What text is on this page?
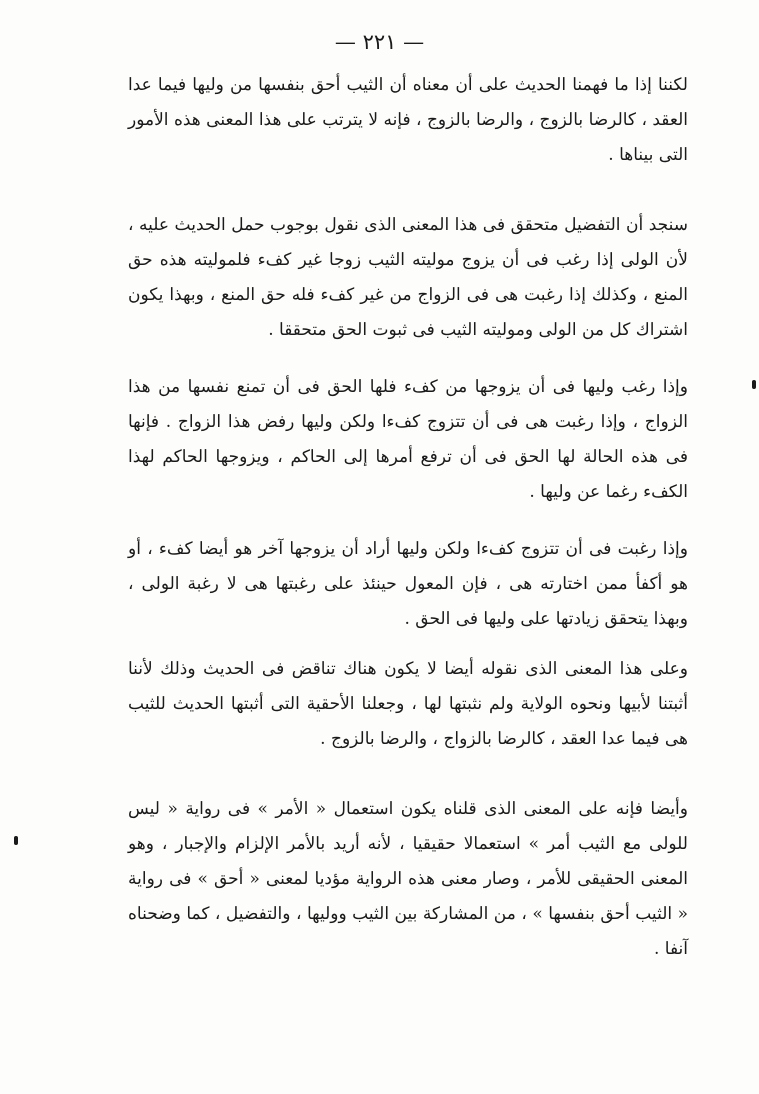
— ٢٢١ —
لكننا إذا ما فهمنا الحديث على أن معناه أن الثيب أحق بنفسها من وليها فيما عدا العقد ، كالرضا بالزوج ، والرضا بالزوج ، فإنه لا يترتب على هذا المعنى هذه الأمور التى بيناها .
سنجد أن التفضيل متحقق فى هذا المعنى الذى نقول بوجوب حمل الحديث عليه ، لأن الولى إذا رغب فى أن يزوج موليته الثيب زوجا غير كفء فلموليته هذه حق المنع ، وكذلك إذا رغبت هى فى الزواج من غير كفء فله حق المنع ، وبهذا يكون اشتراك كل من الولى وموليته الثيب فى ثبوت الحق متحققا .
وإذا رغب وليها فى أن يزوجها من كفء فلها الحق فى أن تمنع نفسها من هذا الزواج ، وإذا رغبت هى فى أن تتزوج كفءا ولكن وليها رفض هذا الزواج . فإنها فى هذه الحالة لها الحق فى أن ترفع أمرها إلى الحاكم ، ويزوجها الحاكم لهذا الكفء رغما عن وليها .
وإذا رغبت فى أن تتزوج كفءا ولكن وليها أراد أن يزوجها آخر هو أيضا كفء ، أو هو أكفأ ممن اختارته هى ، فإن المعول حينئذ على رغبتها هى لا رغبة الولى ، وبهذا يتحقق زيادتها على وليها فى الحق .
وعلى هذا المعنى الذى نقوله أيضا لا يكون هناك تناقض فى الحديث وذلك لأننا أثبتنا لأبيها ونحوه الولاية ولم نثبتها لها ، وجعلنا الأحقية التى أثبتها الحديث للثيب هى فيما عدا العقد ، كالرضا بالزواج ، والرضا بالزوج .
وأيضا فإنه على المعنى الذى قلناه يكون استعمال « الأمر » فى رواية « ليس للولى مع الثيب أمر » استعمالا حقيقيا ، لأنه أريد بالأمر الإلزام والإجبار ، وهو المعنى الحقيقى للأمر ، وصار معنى هذه الرواية مؤديا لمعنى « أحق » فى رواية « الثيب أحق بنفسها » ، من المشاركة بين الثيب ووليها ، والتفضيل ، كما وضحناه آنفا .
